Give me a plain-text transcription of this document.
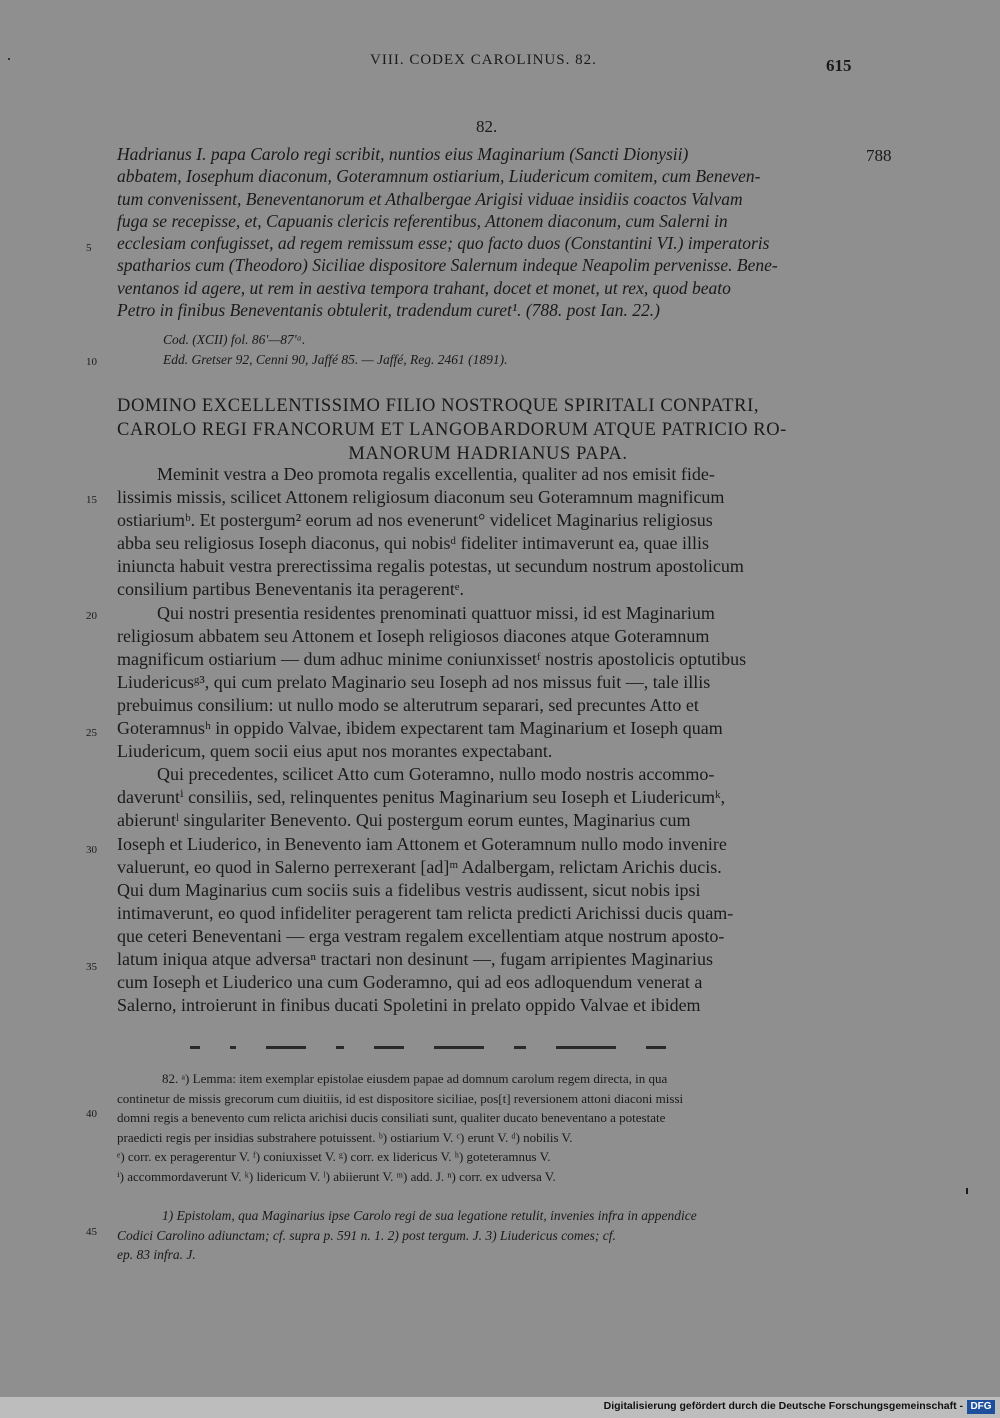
VIII. CODEX CAROLINUS. 82.	615
82.
788
Hadrianus I. papa Carolo regi scribit, nuntios eius Maginarium (Sancti Dionysii)
abbatem, Iosephum diaconum, Goteramnum ostiarium, Liudericum comitem, cum Beneven-
tum convenissent, Beneventanorum et Athalbergae Arigisi viduae insidiis coactos Valvam
fuga se recepisse, et, Capuanis clericis referentibus, Attonem diaconum, cum Salerni in
ecclesiam confugisset, ad regem remissum esse; quo facto duos (Constantini VI.) imperatoris
spatharios cum (Theodoro) Siciliae dispositore Salernum indeque Neapolim pervenisse. Bene-
ventanos id agere, ut rem in aestiva tempora trahant, docet et monet, ut rex, quod beato
Petro in finibus Beneventanis obtulerit, tradendum curet¹. (788. post Ian. 22.)
Cod. (XCII) fol. 86'—87'ᵃ.
Edd. Gretser 92, Cenni 90, Jaffé 85. — Jaffé, Reg. 2461 (1891).
DOMINO EXCELLENTISSIMO FILIO NOSTROQUE SPIRITALI CONPATRI,
CAROLO REGI FRANCORUM ET LANGOBARDORUM ATQUE PATRICIO RO-
MANORUM HADRIANUS PAPA.
Meminit vestra a Deo promota regalis excellentia, qualiter ad nos emisit fide-
lissimis missis, scilicet Attonem religiosum diaconum seu Goteramnum magnificum
ostiariumᵇ. Et postergum² eorum ad nos evenerunt° videlicet Maginarius religiosus
abba seu religiosus Ioseph diaconus, qui nobisᵈ fideliter intimaverunt ea, quae illis
iniuncta habuit vestra prerectissima regalis potestas, ut secundum nostrum apostolicum
consilium partibus Beneventanis ita peragerentᵉ.
Qui nostri presentia residentes prenominati quattuor missi, id est Maginarium
religiosum abbatem seu Attonem et Ioseph religiosos diacones atque Goteramnum
magnificum ostiarium — dum adhuc minime coniunxissetᶠ nostris apostolicis optutibus
Liudericusᵍ³, qui cum prelato Maginario seu Ioseph ad nos missus fuit —, tale illis
prebuimus consilium: ut nullo modo se alterutrum separari, sed precuntes Atto et
Goteramnusʰ in oppido Valvae, ibidem expectarent tam Maginarium et Ioseph quam
Liudericum, quem socii eius aput nos morantes expectabant.
Qui precedentes, scilicet Atto cum Goteramno, nullo modo nostris accommo-
daveruntⁱ consiliis, sed, relinquentes penitus Maginarium seu Ioseph et Liudericumᵏ,
abieruntˡ singulariter Benevento. Qui postergum eorum euntes, Maginarius cum
Ioseph et Liuderico, in Benevento iam Attonem et Goteramnum nullo modo invenire
valuerunt, eo quod in Salerno perrexerant [ad]ᵐ Adalbergam, relictam Arichis ducis.
Qui dum Maginarius cum sociis suis a fidelibus vestris audissent, sicut nobis ipsi
intimaverunt, eo quod infideliter peragerent tam relicta predicti Arichissi ducis quam-
que ceteri Beneventani — erga vestram regalem excellentiam atque nostrum aposto-
latum iniqua atque adversaⁿ tractari non desinunt —, fugam arripientes Maginarius
cum Ioseph et Liuderico una cum Goderamno, qui ad eos adloquendum venerat a
Salerno, introierunt in finibus ducati Spoletini in prelato oppido Valvae et ibidem
82. ᵃ) Lemma: item exemplar epistolae eiusdem papae ad domnum carolum regem directa, in qua
continetur de missis grecorum cum diuitiis, id est dispositore siciliae, pos[t] reversionem attoni diaconi missi
domni regis a benevento cum relicta arichisi ducis consiliati sunt, qualiter ducato beneventano a potestate
praedicti regis per insidias substrahere potuissent. ᵇ) ostiarium V. ᶜ) erunt V. ᵈ) nobilis V.
ᵉ) corr. ex peragerentur V. ᶠ) coniuxisset V. ᵍ) corr. ex lidericus V. ʰ) goteteramnus V.
ⁱ) accommordaverunt V. ᵏ) lidericum V. ˡ) abiierunt V. ᵐ) add. J. ⁿ) corr. ex udversa V.
1) Epistolam, qua Maginarius ipse Carolo regi de sua legatione retulit, invenies infra in appendice
Codici Carolino adiunctam; cf. supra p. 591 n. 1. 2) post tergum. J. 3) Liudericus comes; cf.
ep. 83 infra. J.
5
10
15
20
25
30
35
40
45
Digitalisierung gefördert durch die Deutsche Forschungsgemeinschaft - DFG
